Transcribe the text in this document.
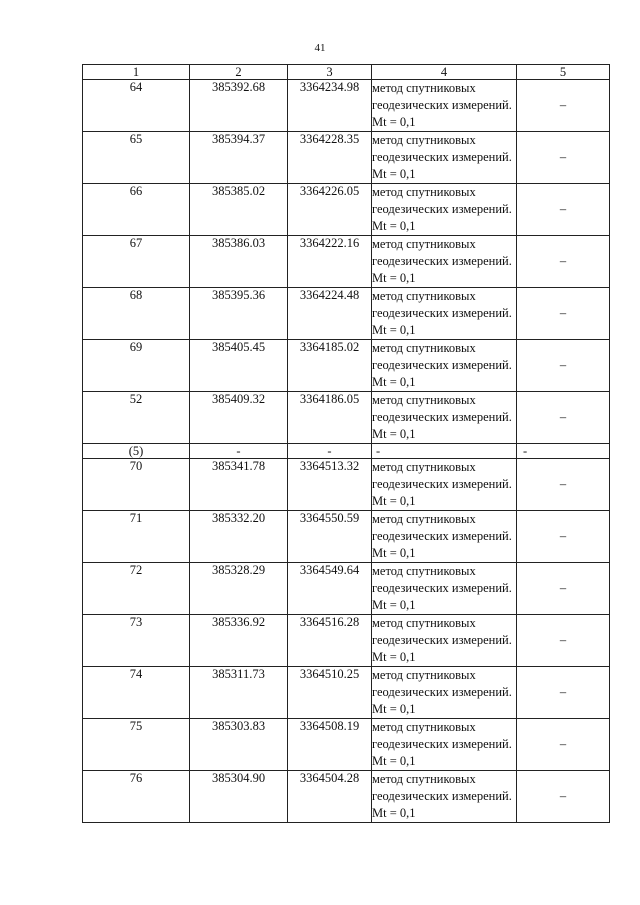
41
1	2	3	4	5
64	385392.68	3364234.98	метод спутниковых геодезических измерений. Mt = 0,1	–
65	385394.37	3364228.35	метод спутниковых геодезических измерений. Mt = 0,1	–
66	385385.02	3364226.05	метод спутниковых геодезических измерений. Mt = 0,1	–
67	385386.03	3364222.16	метод спутниковых геодезических измерений. Mt = 0,1	–
68	385395.36	3364224.48	метод спутниковых геодезических измерений. Mt = 0,1	–
69	385405.45	3364185.02	метод спутниковых геодезических измерений. Mt = 0,1	–
52	385409.32	3364186.05	метод спутниковых геодезических измерений. Mt = 0,1	–
(5)	-	-	-	-
70	385341.78	3364513.32	метод спутниковых геодезических измерений. Mt = 0,1	–
71	385332.20	3364550.59	метод спутниковых геодезических измерений. Mt = 0,1	–
72	385328.29	3364549.64	метод спутниковых геодезических измерений. Mt = 0,1	–
73	385336.92	3364516.28	метод спутниковых геодезических измерений. Mt = 0,1	–
74	385311.73	3364510.25	метод спутниковых геодезических измерений. Mt = 0,1	–
75	385303.83	3364508.19	метод спутниковых геодезических измерений. Mt = 0,1	–
76	385304.90	3364504.28	метод спутниковых геодезических измерений. Mt = 0,1	–
